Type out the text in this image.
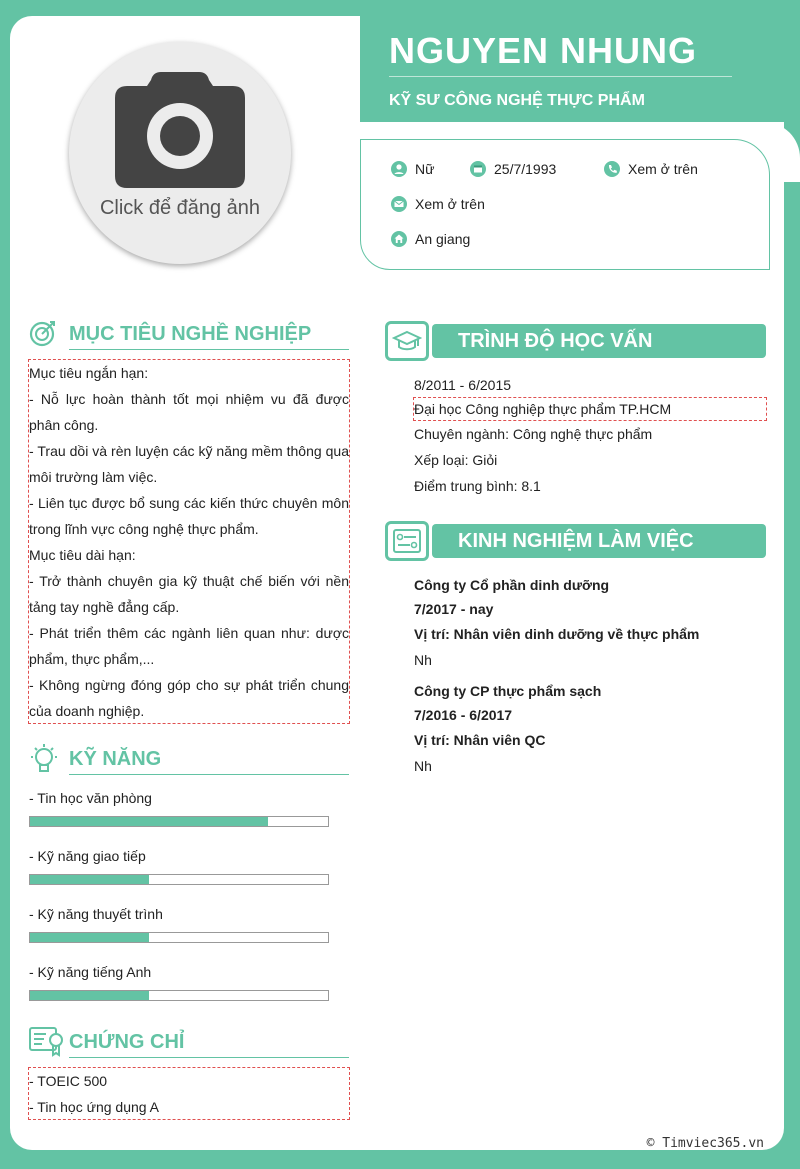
NGUYEN NHUNG
KỸ SƯ CÔNG NGHỆ THỰC PHẨM
Nữ	25/7/1993	Xem ở trên
Xem ở trên
An giang
Click để đăng ảnh
MỤC TIÊU NGHỀ NGHIỆP
Mục tiêu ngắn hạn:
- Nỗ lực hoàn thành tốt mọi nhiệm vu đã được phân công.
- Trau dồi và rèn luyện các kỹ năng mềm thông qua môi trường làm việc.
- Liên tục được bổ sung các kiến thức chuyên môn trong lĩnh vực công nghệ thực phẩm.
Mục tiêu dài hạn:
- Trở thành chuyên gia kỹ thuật chế biến với nền tảng tay nghề đẳng cấp.
- Phát triển thêm các ngành liên quan như: dược phẩm, thực phẩm,...
- Không ngừng đóng góp cho sự phát triển chung của doanh nghiệp.
KỸ NĂNG
- Tin học văn phòng
- Kỹ năng giao tiếp
- Kỹ năng thuyết trình
- Kỹ năng tiếng Anh
CHỨNG CHỈ
- TOEIC 500
- Tin học ứng dụng A
TRÌNH ĐỘ HỌC VẤN
8/2011 - 6/2015
Đại học Công nghiệp thực phẩm TP.HCM
Chuyên ngành: Công nghệ thực phẩm
Xếp loại: Giỏi
Điểm trung bình: 8.1
KINH NGHIỆM LÀM VIỆC
Công ty Cổ phần dinh dưỡng
7/2017 - nay
Vị trí: Nhân viên dinh dưỡng về thực phẩm
Nh
Công ty CP thực phẩm sạch
7/2016 - 6/2017
Vị trí: Nhân viên QC
Nh
© Timviec365.vn
